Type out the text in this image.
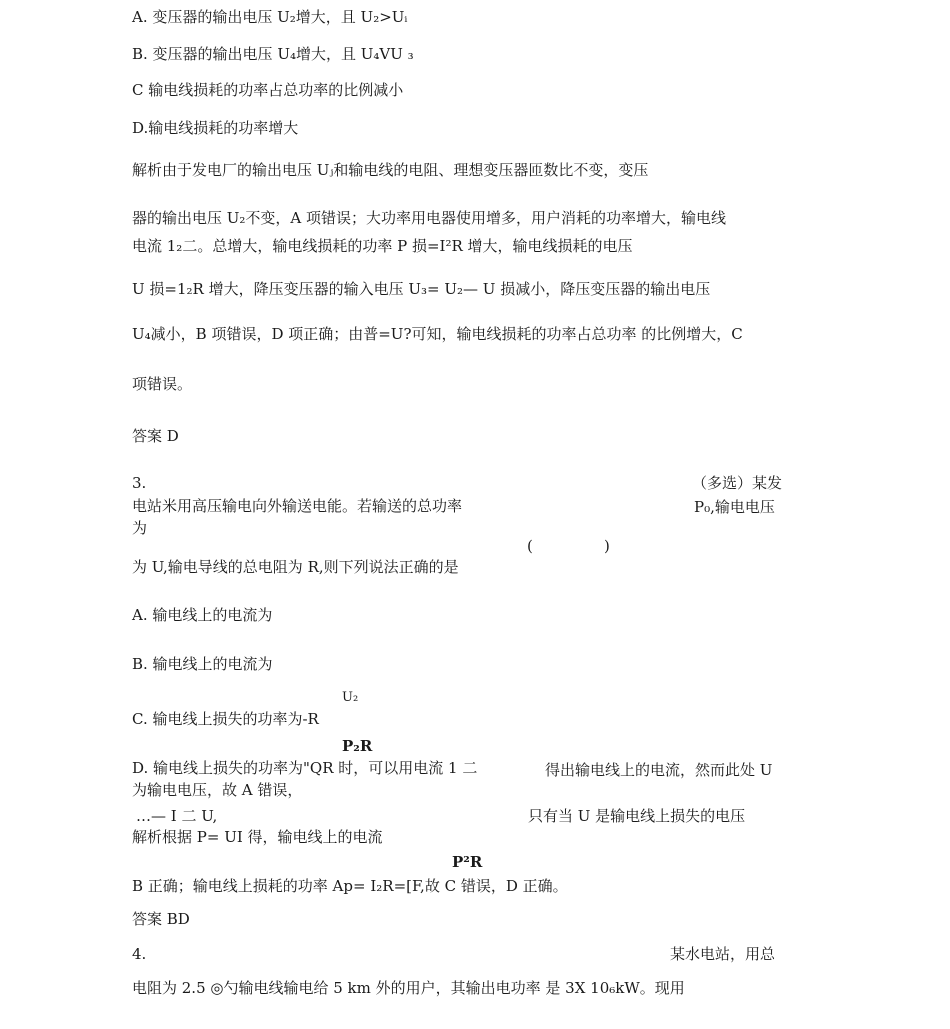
A. 变压器的输出电压 U₂增大，且 U₂>Uᵢ
B. 变压器的输出电压 U₄增大，且 U₄VU ₃
C 输电线损耗的功率占总功率的比例减小
D.输电线损耗的功率增大
解析由于发电厂的输出电压 Uⱼ和输电线的电阻、理想变压器匝数比不变，变压
器的输出电压 U₂不变，A 项错误；大功率用电器使用增多，用户消耗的功率增大，输电线
电流 1₂二。总增大，输电线损耗的功率 P 损=I²R 增大，输电线损耗的电压
U 损=1₂R 增大，降压变压器的输入电压 U₃= U₂— U 损减小，降压变压器的输出电压
U₄减小，B 项错误，D 项正确；由普=U?可知，输电线损耗的功率占总功率 的比例增大，C
项错误。
答案 D
3.	（多选）某发
电站米用高压输电向外输送电能。若输送的总功率
为
P₀,输电电压
(	)
为 U,输电导线的总电阻为 R,则下列说法正确的是
A. 输电线上的电流为
B. 输电线上的电流为
U₂
C. 输电线上损失的功率为-R
P₂R
D. 输电线上损失的功率为"QR 时，可以用电流 1 二	得出输电线上的电流，然而此处 U
为输电电压，故 A 错误，
…— I 二 U,	只有当 U 是输电线上损失的电压
解析根据 P= UI 得，输电线上的电流
P²R
B 正确；输电线上损耗的功率 Ap= I₂R=[F,故 C 错误，D 正确。
答案 BD
4.	某水电站，用总
电阻为 2.5 ◎勺输电线输电给 5 km 外的用户，其输出电功率 是 3X 10₆kW。现用
